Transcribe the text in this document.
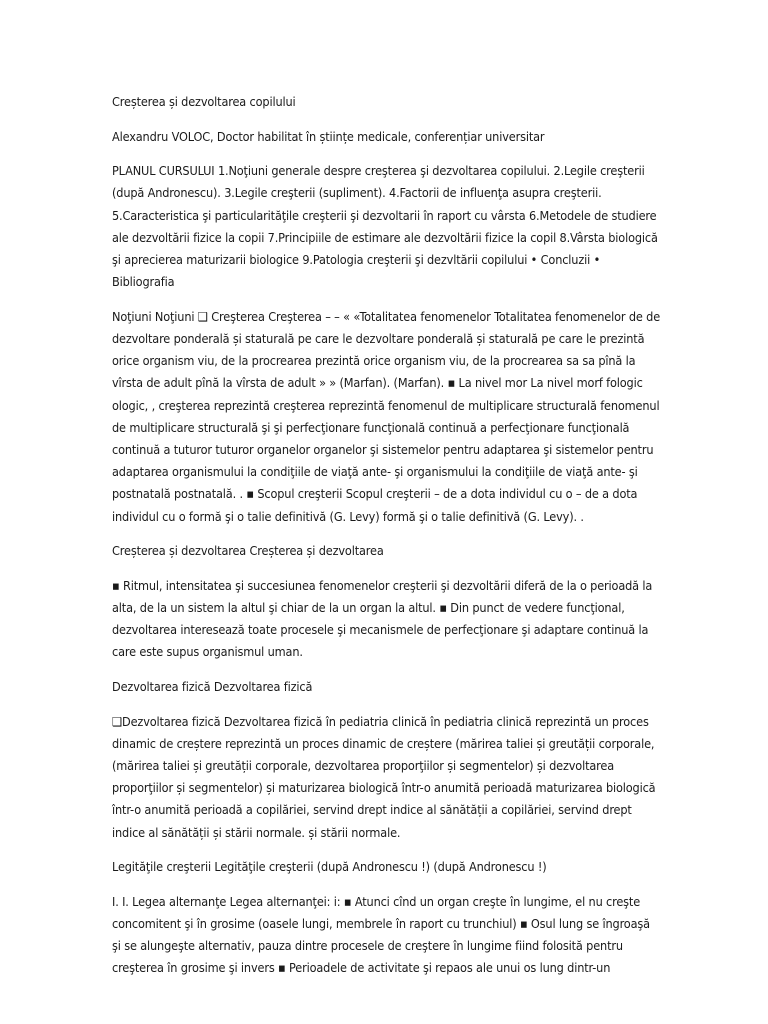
Creșterea și dezvoltarea copilului

Alexandru VOLOC, Doctor habilitat în științe medicale, conferențiar universitar

PLANUL CURSULUI 1.Noţiuni generale despre creşterea şi dezvoltarea copilului. 2.Legile creşterii (după Andronescu). 3.Legile creşterii (supliment). 4.Factorii de influenţa asupra creşterii. 5.Caracteristica şi particularităţile creşterii şi dezvoltarii în raport cu vârsta 6.Metodele de studiere ale dezvoltării fizice la copii 7.Principiile de estimare ale dezvoltării fizice la copil 8.Vârsta biologică şi aprecierea maturizarii biologice 9.Patologia creşterii şi dezvltării copilului • Concluzii • Bibliografia

Noţiuni Noţiuni ❑ Creşterea Creşterea – – « «Totalitatea fenomenelor Totalitatea fenomenelor de de dezvoltare ponderală și staturală pe care le dezvoltare ponderală și staturală pe care le prezintă orice organism viu, de la procrearea prezintă orice organism viu, de la procrearea sa sa pînă la vîrsta de adult pînă la vîrsta de adult » » (Marfan). (Marfan). ▪ La nivel mor La nivel morf fologic ologic, , creşterea reprezintă creşterea reprezintă fenomenul de multiplicare structurală fenomenul de multiplicare structurală şi şi perfecţionare funcţională continuă a perfecţionare funcţională continuă a tuturor tuturor organelor organelor şi sistemelor pentru adaptarea şi sistemelor pentru adaptarea organismului la condiţiile de viaţă ante- şi organismului la condiţiile de viaţă ante- şi postnatală postnatală. . ▪ Scopul creşterii Scopul creşterii – de a dota individul cu o – de a dota individul cu o formă şi o talie definitivă (G. Levy) formă şi o talie definitivă (G. Levy). .

Creșterea și dezvoltarea Creșterea și dezvoltarea

▪ Ritmul, intensitatea şi succesiunea fenomenelor creşterii şi dezvoltării diferă de la o perioadă la alta, de la un sistem la altul şi chiar de la un organ la altul. ▪ Din punct de vedere funcţional, dezvoltarea interesează toate procesele şi mecanismele de perfecţionare şi adaptare continuă la care este supus organismul uman.

Dezvoltarea fizică Dezvoltarea fizică

❑Dezvoltarea fizică Dezvoltarea fizică în pediatria clinică în pediatria clinică reprezintă un proces dinamic de creștere reprezintă un proces dinamic de creștere (mărirea taliei și greutății corporale, (mărirea taliei și greutății corporale, dezvoltarea proporţiilor și segmentelor) și dezvoltarea proporţiilor și segmentelor) și maturizarea biologică într-o anumită perioadă maturizarea biologică într-o anumită perioadă a copilăriei, servind drept indice al sănătății a copilăriei, servind drept indice al sănătății și stării normale. și stării normale.

Legităţile creşterii Legităţile creşterii (după Andronescu !) (după Andronescu !)

I. I. Legea alternanţe Legea alternanţei: i: ▪ Atunci cînd un organ creşte în lungime, el nu creşte concomitent şi în grosime (oasele lungi, membrele în raport cu trunchiul) ▪ Osul lung se îngroaşă şi se alungeşte alternativ, pauza dintre procesele de creştere în lungime fiind folosită pentru creşterea în grosime şi invers ▪ Perioadele de activitate şi repaos ale unui os lung dintr-un
